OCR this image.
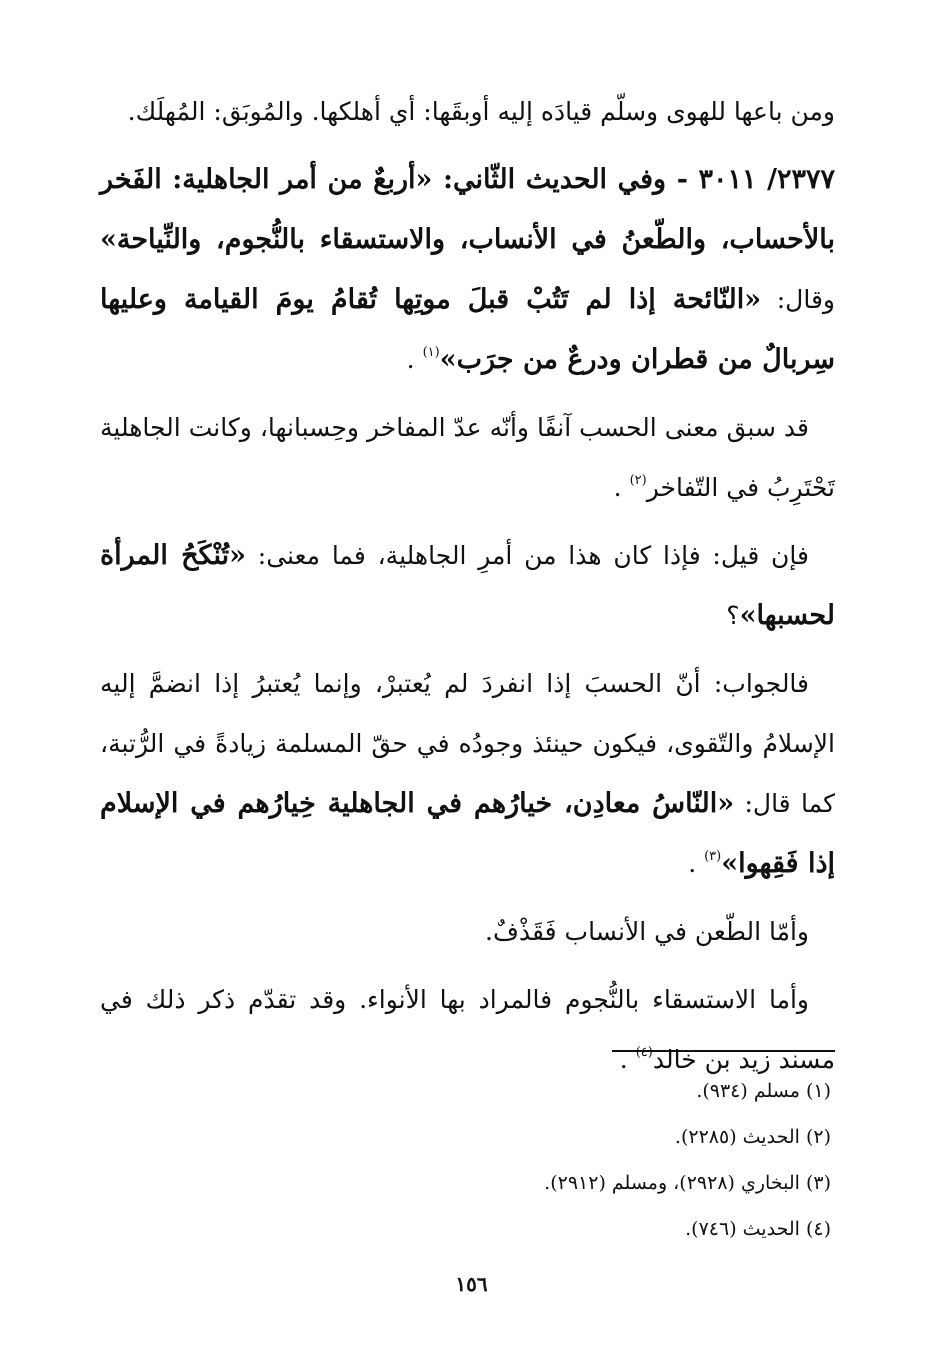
ومن باعها للهوى وسلّم قيادَه إليه أوبقَها: أي أهلكها. والمُوبَق: المُهلَك.

٢٣٧٧/ ٣٠١١ - وفي الحديث الثّاني: «أربعٌ من أمر الجاهلية: الفَخر بالأحساب، والطّعنُ في الأنساب، والاستسقاء بالنُّجوم، والنِّياحة» وقال: «النّائحة إذا لم تَتُبْ قبلَ موتِها تُقامُ يومَ القيامة وعليها سِربالٌ من قطران ودرعٌ من جرَب»$^{(١)}$ .

قد سبق معنى الحسب آنفًا وأنّه عدّ المفاخر وحِسبانها، وكانت الجاهلية تَحْتَرِبُ في التّفاخر$^{(٢)}$ .

فإن قيل: فإذا كان هذا من أمرِ الجاهلية، فما معنى: «تُنْكَحُ المرأة لحسبها»؟

فالجواب: أنّ الحسبَ إذا انفردَ لم يُعتبرْ، وإنما يُعتبرُ إذا انضمَّ إليه الإسلامُ والتّقوى، فيكون حينئذ وجودُه في حقّ المسلمة زيادةً في الرُّتبة، كما قال: «النّاسُ معادِن، خيارُهم في الجاهلية خِيارُهم في الإسلام إذا فَقِهوا»$^{(٣)}$ .

وأمّا الطّعن في الأنساب فَقَذْفٌ.

وأما الاستسقاء بالنُّجوم فالمراد بها الأنواء. وقد تقدّم ذكر ذلك في مسند زيد بن خالد$^{(٤)}$ .

(١) مسلم (٩٣٤).
(٢) الحديث (٢٢٨٥).
(٣) البخاري (٢٩٢٨)، ومسلم (٢٩١٢).
(٤) الحديث (٧٤٦).
١٥٦
